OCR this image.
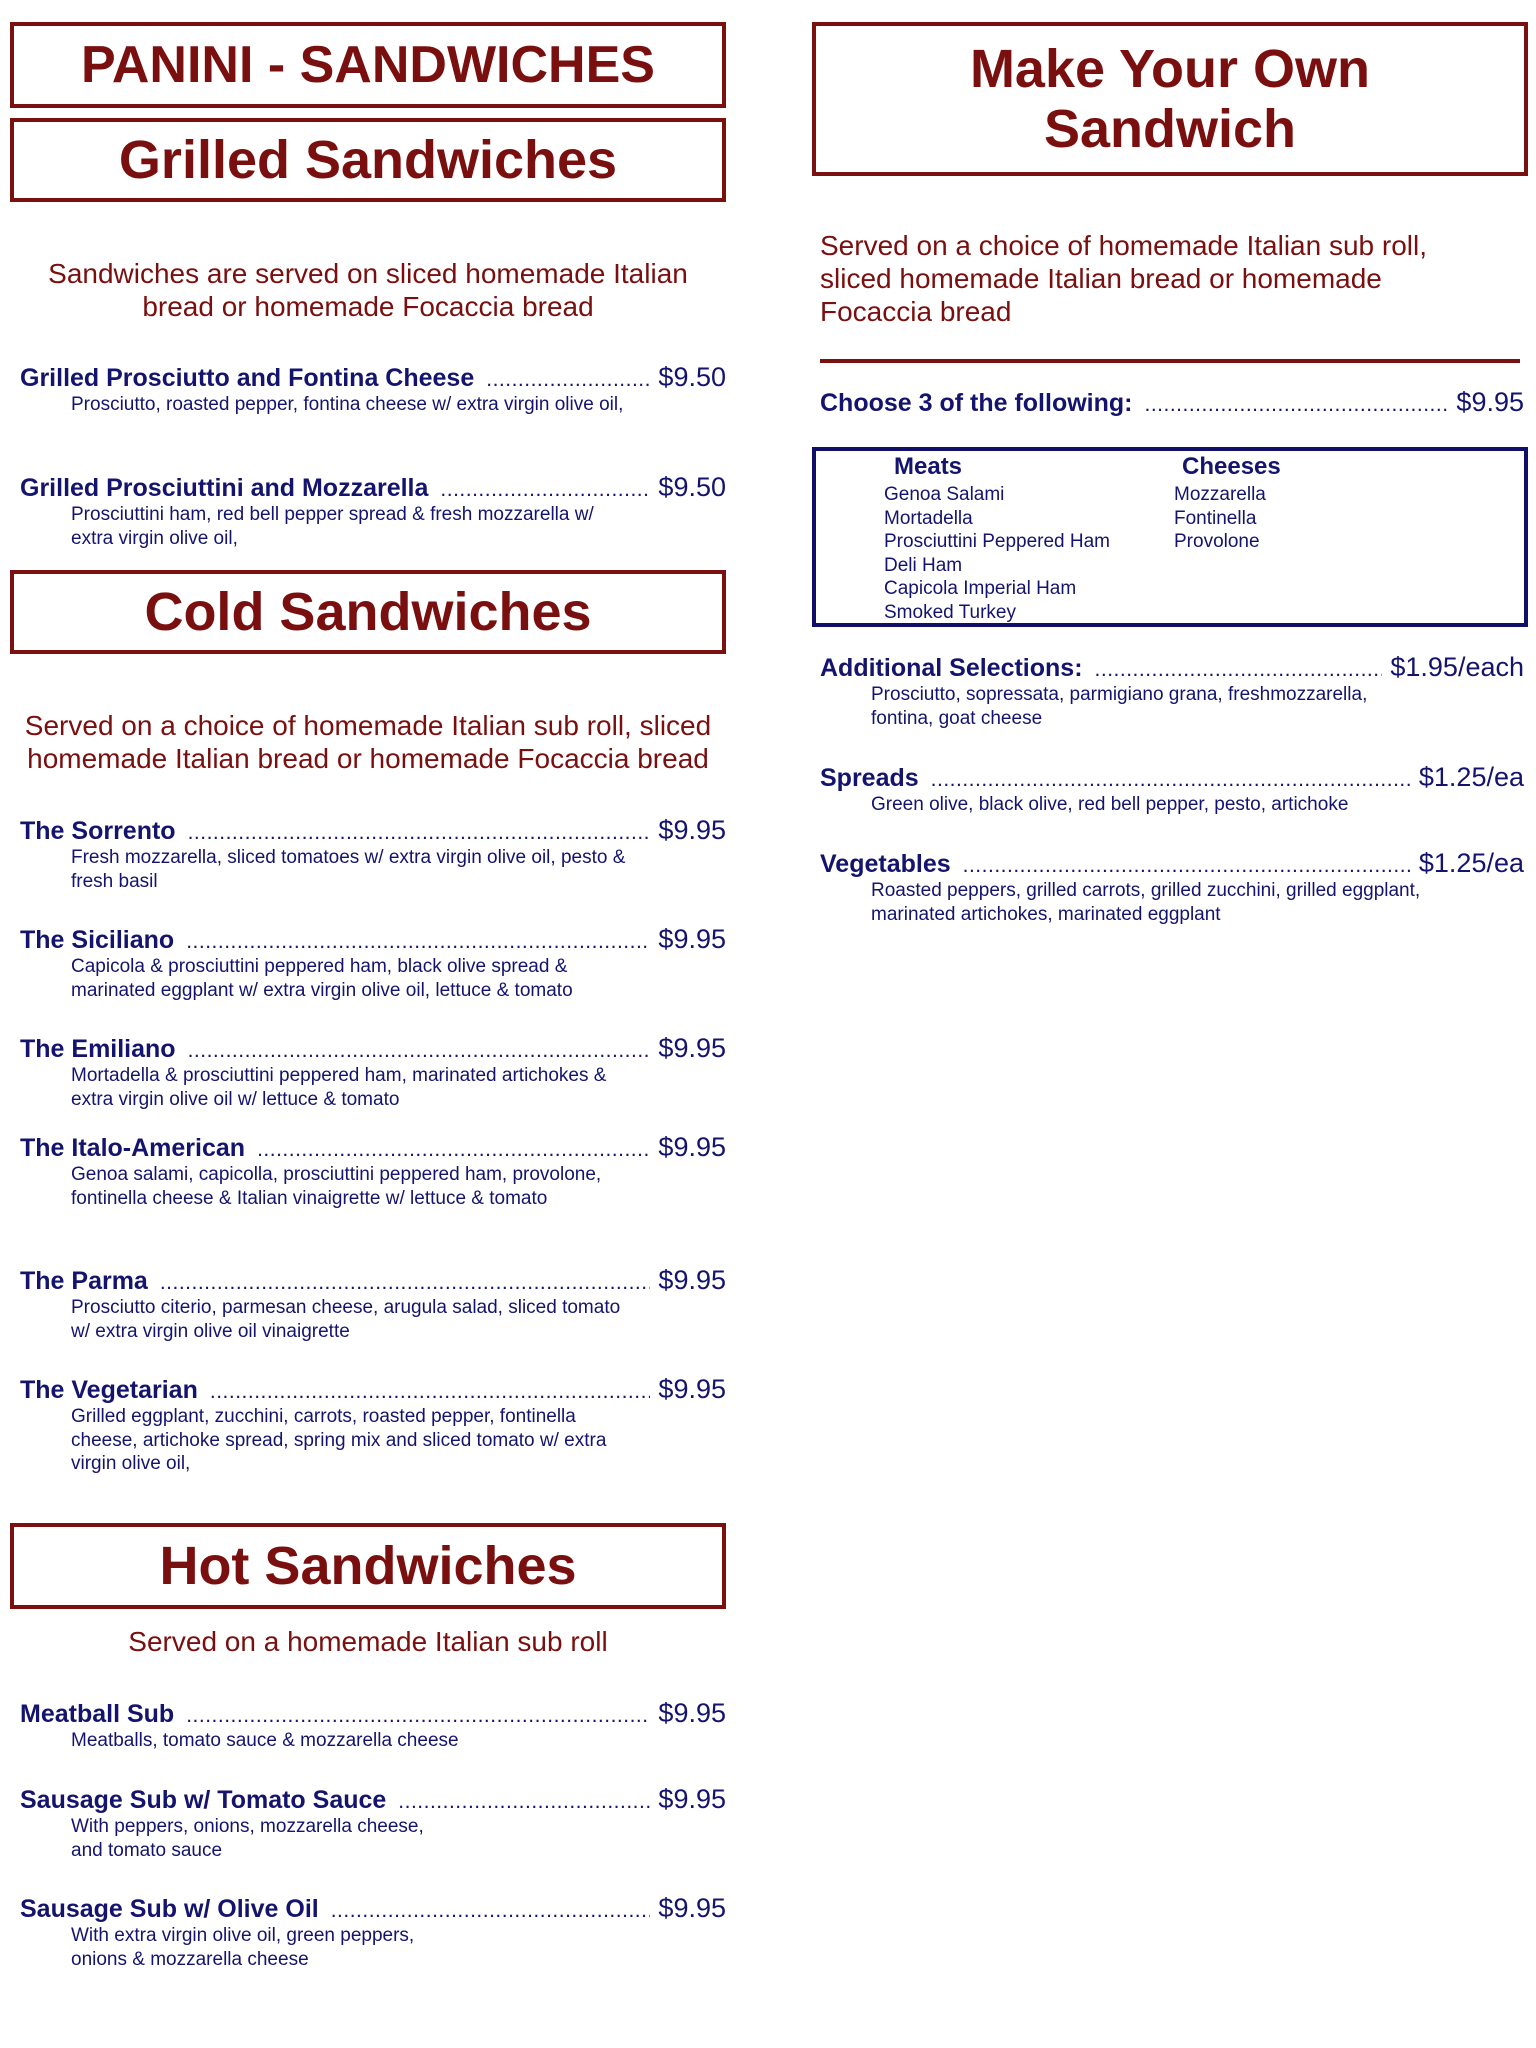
PANINI - SANDWICHES
Grilled Sandwiches
Sandwiches are served on sliced homemade Italian bread or homemade Focaccia bread
Grilled Prosciutto and Fontina Cheese .....	$9.50
Prosciutto, roasted pepper, fontina cheese w/ extra virgin olive oil,
Grilled Prosciuttini and Mozzarella .....	$9.50
Prosciuttini ham, red bell pepper spread & fresh mozzarella w/ extra virgin olive oil,
Cold Sandwiches
Served on a choice of homemade Italian sub roll, sliced homemade Italian bread or homemade Focaccia bread
The Sorrento .....	$9.95
Fresh mozzarella, sliced tomatoes w/ extra virgin olive oil, pesto & fresh basil
The Siciliano .....	$9.95
Capicola & prosciuttini peppered ham, black olive spread & marinated eggplant w/ extra virgin olive oil, lettuce & tomato
The Emiliano .....	$9.95
Mortadella & prosciuttini peppered ham, marinated artichokes & extra virgin olive oil w/ lettuce & tomato
The Italo-American .....	$9.95
Genoa salami, capicolla, prosciuttini peppered ham, provolone, fontinella cheese & Italian vinaigrette w/ lettuce & tomato
The Parma .....	$9.95
Prosciutto citerio, parmesan cheese, arugula salad, sliced tomato w/ extra virgin olive oil vinaigrette
The Vegetarian .....	$9.95
Grilled eggplant, zucchini, carrots, roasted pepper, fontinella cheese, artichoke spread, spring mix and sliced tomato w/ extra virgin olive oil,
Hot Sandwiches
Served on a homemade Italian sub roll
Meatball Sub .....	$9.95
Meatballs, tomato sauce & mozzarella cheese
Sausage Sub w/ Tomato Sauce .....	$9.95
With peppers, onions, mozzarella cheese, and tomato sauce
Sausage Sub w/ Olive Oil .....	$9.95
With extra virgin olive oil, green peppers, onions & mozzarella cheese
Make Your Own Sandwich
Served on a choice of homemade Italian sub roll, sliced homemade Italian bread or homemade Focaccia bread
Choose 3 of the following: .....	$9.95
Meats
Genoa Salami
Mortadella
Prosciuttini Peppered Ham
Deli Ham
Capicola Imperial Ham
Smoked Turkey
Cheeses
Mozzarella
Fontinella
Provolone
Additional Selections: .....	$1.95/each
Prosciutto, sopressata, parmigiano grana, freshmozzarella, fontina, goat cheese
Spreads .....	$1.25/ea
Green olive, black olive, red bell pepper, pesto, artichoke
Vegetables .....	$1.25/ea
Roasted peppers, grilled carrots, grilled zucchini, grilled eggplant, marinated artichokes, marinated eggplant
